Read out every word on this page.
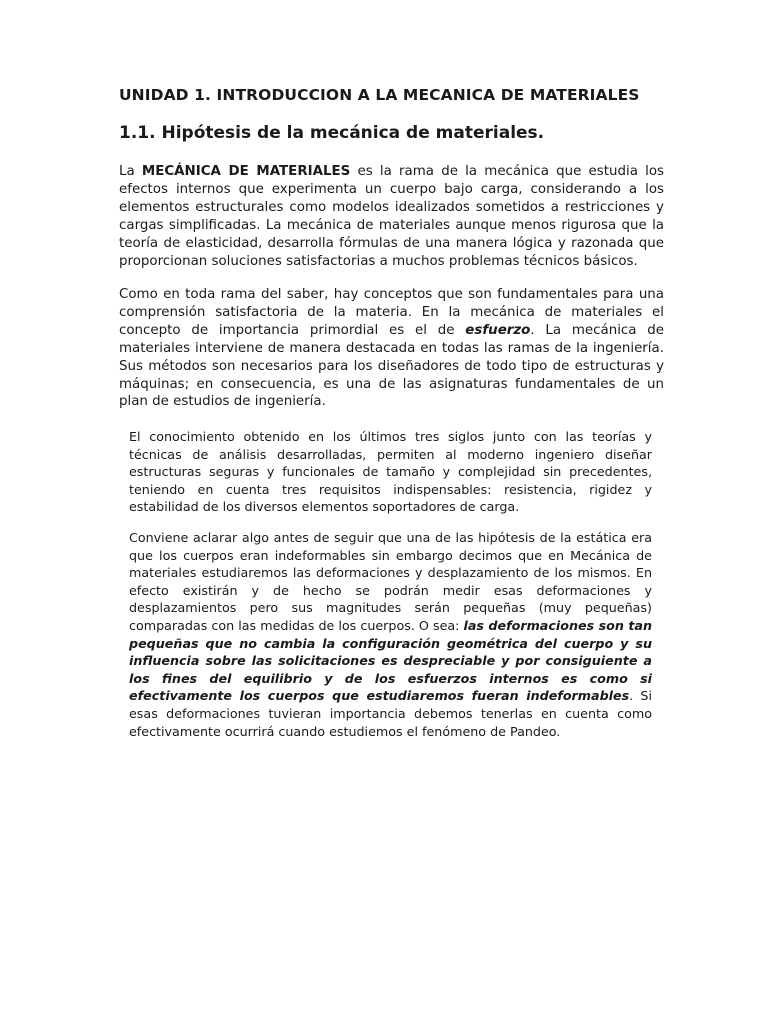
UNIDAD 1. INTRODUCCION A LA MECANICA DE MATERIALES
1.1. Hipótesis de la mecánica de materiales.

La MECÁNICA DE MATERIALES es la rama de la mecánica que estudia los efectos internos que experimenta un cuerpo bajo carga, considerando a los elementos estructurales como modelos idealizados sometidos a restricciones y cargas simplificadas. La mecánica de materiales aunque menos rigurosa que la teoría de elasticidad, desarrolla fórmulas de una manera lógica y razonada que proporcionan soluciones satisfactorias a muchos problemas técnicos básicos.

Como en toda rama del saber, hay conceptos que son fundamentales para una comprensión satisfactoria de la materia. En la mecánica de materiales el concepto de importancia primordial es el de esfuerzo. La mecánica de materiales interviene de manera destacada en todas las ramas de la ingeniería. Sus métodos son necesarios para los diseñadores de todo tipo de estructuras y máquinas; en consecuencia, es una de las asignaturas fundamentales de un plan de estudios de ingeniería.

El conocimiento obtenido en los últimos tres siglos junto con las teorías y técnicas de análisis desarrolladas, permiten al moderno ingeniero diseñar estructuras seguras y funcionales de tamaño y complejidad sin precedentes, teniendo en cuenta tres requisitos indispensables: resistencia, rigidez y estabilidad de los diversos elementos soportadores de carga.

Conviene aclarar algo antes de seguir que una de las hipótesis de la estática era que los cuerpos eran indeformables sin embargo decimos que en Mecánica de materiales estudiaremos las deformaciones y desplazamiento de los mismos. En efecto existirán y de hecho se podrán medir esas deformaciones y desplazamientos pero sus magnitudes serán pequeñas (muy pequeñas) comparadas con las medidas de los cuerpos. O sea: las deformaciones son tan pequeñas que no cambia la configuración geométrica del cuerpo y su influencia sobre las solicitaciones es despreciable y por consiguiente a los fines del equilibrio y de los esfuerzos internos es como si efectivamente los cuerpos que estudiaremos fueran indeformables. Si esas deformaciones tuvieran importancia debemos tenerlas en cuenta como efectivamente ocurrirá cuando estudiemos el fenómeno de Pandeo.
